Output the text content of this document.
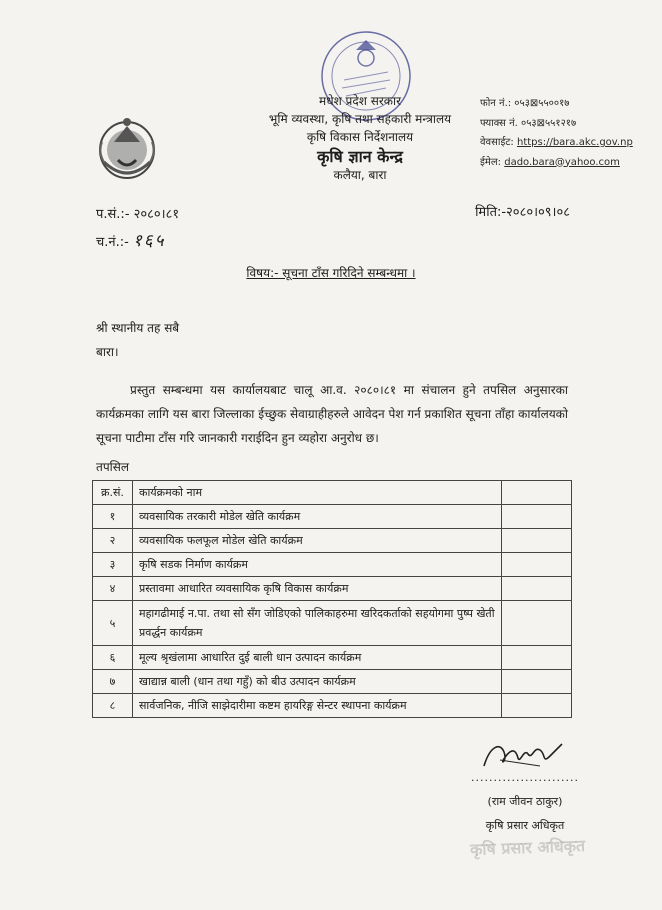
मधेश प्रदेश सरकार
भूमि व्यवस्था, कृषि तथा सहकारी मन्त्रालय
कृषि विकास निर्देशनालय
कृषि ज्ञान केन्द्र
कलैया, बारा
फोन नं.: ०५३⊠५५००१७
फ्याक्स नं. ०५३⊠५५१२१७
वेवसाईट: https://bara.akc.gov.np
ईमेल: dado.bara@yahoo.com
प.सं.:- २०८०।८१
च.नं.:- १६५
मिति:-२०८०।०९।०८
विषय:- सूचना टाँस गरिदिने सम्बन्धमा ।
श्री स्थानीय तह सबै
बारा।
प्रस्तुत सम्बन्धमा यस कार्यालयबाट चालू आ.व. २०८०।८१ मा संचालन हुने तपसिल अनुसारका कार्यक्रमका लागि यस बारा जिल्लाका ईच्छुक सेवाग्राहीहरुले आवेदन पेश गर्न प्रकाशित सूचना ताँहा कार्यालयको सूचना पाटीमा टाँस गरि जानकारी गराईदिन हुन व्यहोरा अनुरोध छ।
तपसिल
क्र.सं.	कार्यक्रमको नाम	
१	व्यवसायिक तरकारी मोडेल खेति कार्यक्रम	
२	व्यवसायिक फलफूल मोडेल खेति कार्यक्रम	
३	कृषि सडक निर्माण कार्यक्रम	
४	प्रस्तावमा आधारित व्यवसायिक कृषि विकास कार्यक्रम	
५	महागढीमाई न.पा. तथा सो सँग जोडिएको पालिकाहरुमा खरिदकर्ताको सहयोगमा पुष्प खेती प्रवर्द्धन कार्यक्रम	
६	मूल्य श्रृखंलामा आधारित दुई बाली धान उत्पादन कार्यक्रम	
७	खाद्यान्न बाली (धान तथा गहुँ) को बीउ उत्पादन कार्यक्रम	
८	सार्वजनिक, नीजि साझेदारीमा कष्टम हायरिङ्ग सेन्टर स्थापना कार्यक्रम	
........................
(राम जीवन ठाकुर)
कृषि प्रसार अधिकृत
कृषि प्रसार अधिकृत
